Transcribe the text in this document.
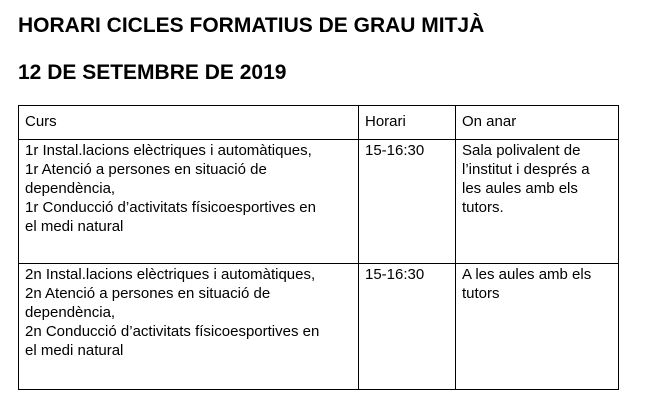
HORARI CICLES FORMATIUS DE GRAU MITJÀ
12 DE SETEMBRE DE 2019
Curs	Horari	On anar

1r Instal.lacions elèctriques i automàtiques,
1r Atenció a persones en situació de
dependència,
1r Conducció d’activitats físicoesportives en
el medi natural	15-16:30	Sala polivalent de l’institut i després a les aules amb els tutors.

2n Instal.lacions elèctriques i automàtiques,
2n Atenció a persones en situació de
dependència,
2n Conducció d’activitats físicoesportives en
el medi natural	15-16:30	A les aules amb els tutors
